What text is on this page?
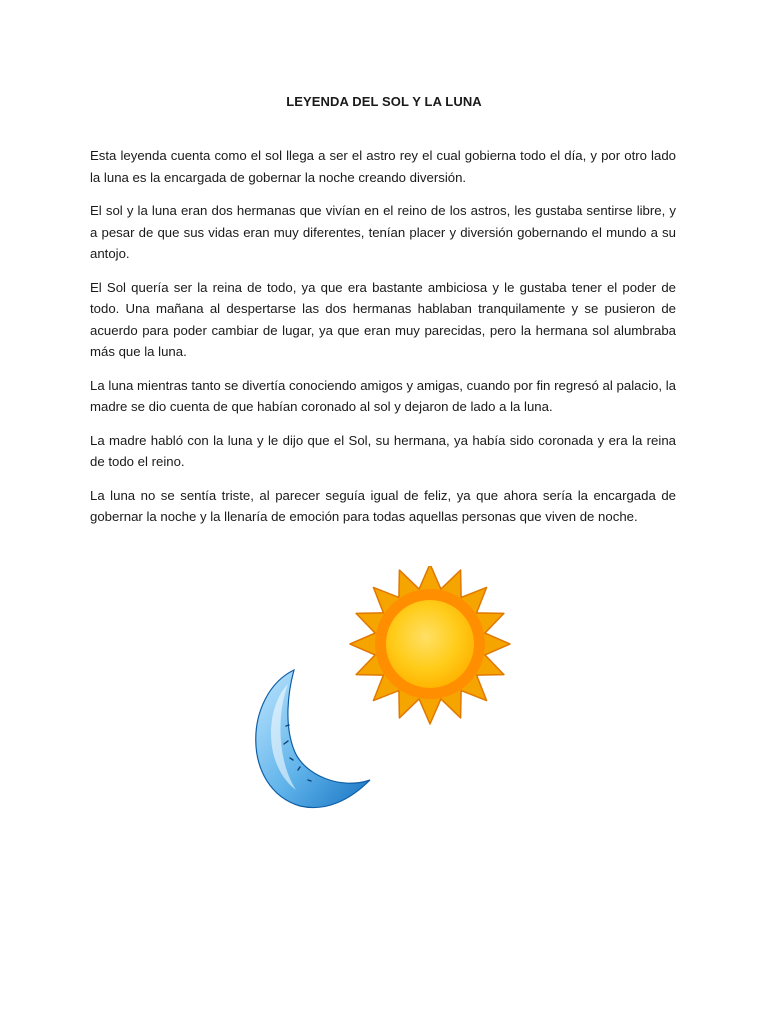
LEYENDA DEL SOL Y LA LUNA

Esta leyenda cuenta como el sol llega a ser el astro rey el cual gobierna todo el día, y por otro lado la luna es la encargada de gobernar la noche creando diversión.

El sol y la luna eran dos hermanas que vivían en el reino de los astros, les gustaba sentirse libre, y a pesar de que sus vidas eran muy diferentes, tenían placer y diversión gobernando el mundo a su antojo.

El Sol quería ser la reina de todo, ya que era bastante ambiciosa y le gustaba tener el poder de todo. Una mañana al despertarse las dos hermanas hablaban tranquilamente y se pusieron de acuerdo para poder cambiar de lugar, ya que eran muy parecidas, pero la hermana sol alumbraba más que la luna.

La luna mientras tanto se divertía conociendo amigos y amigas, cuando por fin regresó al palacio, la madre se dio cuenta de que habían coronado al sol y dejaron de lado a la luna.

La madre habló con la luna y le dijo que el Sol, su hermana, ya había sido coronada y era la reina de todo el reino.

La luna no se sentía triste, al parecer seguía igual de feliz, ya que ahora sería la encargada de gobernar la noche y la llenaría de emoción para todas aquellas personas que viven de noche.
